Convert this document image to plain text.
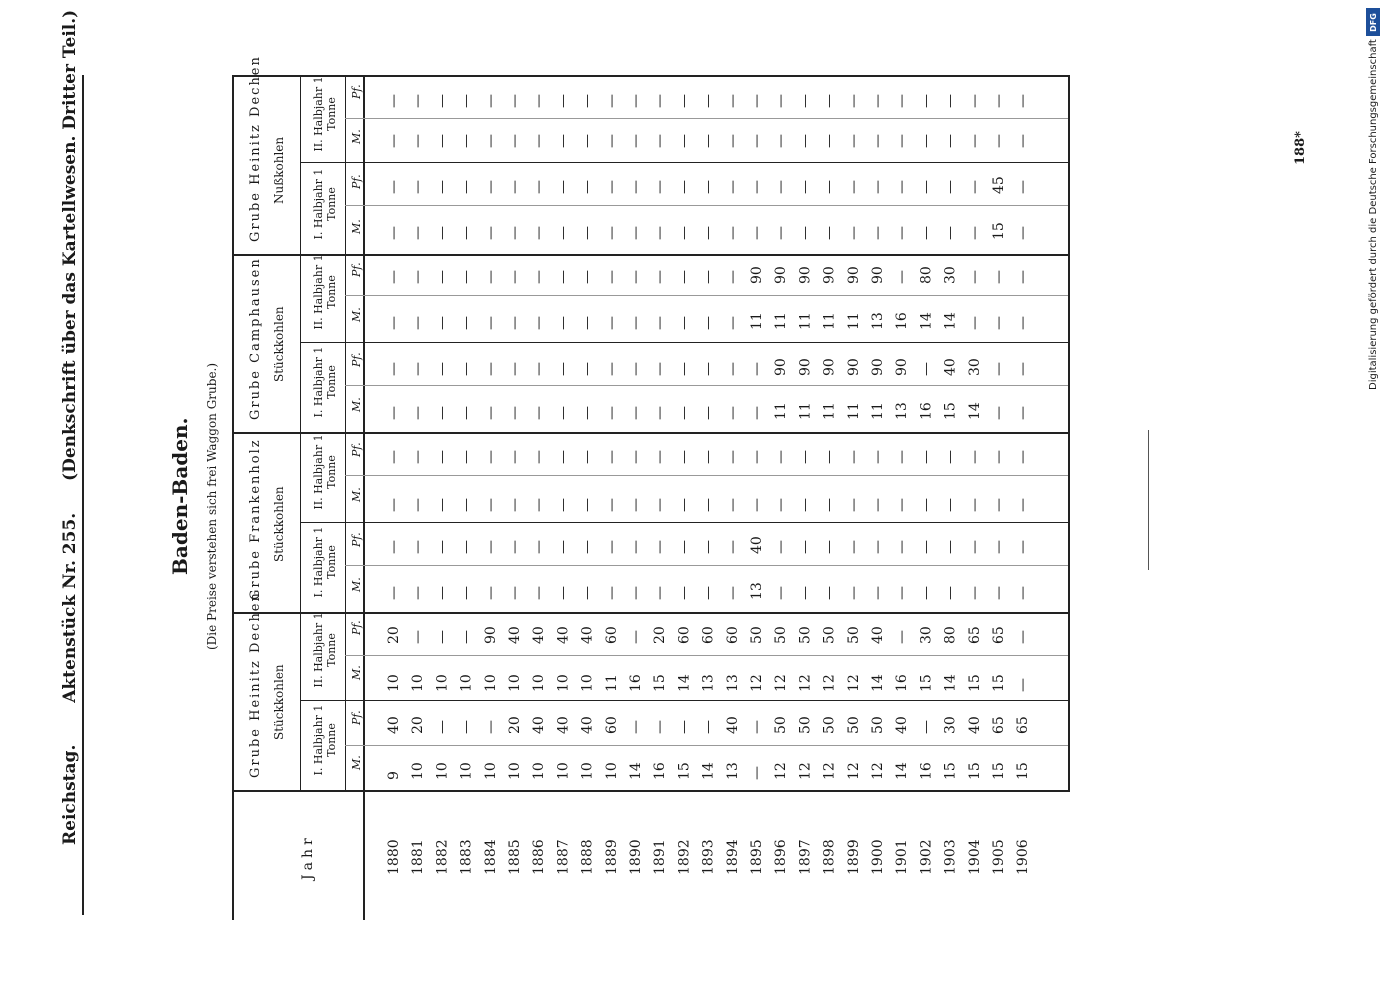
Reichstag.  Aktenstück Nr. 255.  (Denkschrift über das Kartellwesen. Dritter Teil.)
Baden-Baden. (Die Preise verstehen sich frei Waggon Grube.)
Jahr
Grube Heinitz Dechen Stückkohlen
I. Halbjahr 1 Tonne
M.
Pf.
II. Halbjahr 1 Tonne
M.
Pf.
Grube Frankenholz Stückkohlen
I. Halbjahr 1 Tonne
M.
Pf.
II. Halbjahr 1 Tonne
M.
Pf.
Grube Camphausen Stückkohlen
I. Halbjahr 1 Tonne
M.
Pf.
II. Halbjahr 1 Tonne
M.
Pf.
Grube Heinitz Dechen Nußkohlen I. Halbjahr 1 Tonne
M.
Pf.
II. Halbjahr 1 Tonne
M.
Pf.
1880
9
40
10
20
—
—
—
—
—
—
—
—
—
—
—
—
1881
10
20
10
—
—
—
—
—
—
—
—
—
—
—
—
—
1882
10
—
10
—
—
—
—
—
—
—
—
—
—
—
—
—
1883
10
—
10
—
—
—
—
—
—
—
—
—
—
—
—
—
1884
10
—
10
90
—
—
—
—
—
—
—
—
—
—
—
—
1885
10
20
10
40
—
—
—
—
—
—
—
—
—
—
—
—
1886
10
40
10
40
—
—
—
—
—
—
—
—
—
—
—
—
1887
10
40
10
40
—
—
—
—
—
—
—
—
—
—
—
—
1888
10
40
10
40
—
—
—
—
—
—
—
—
—
—
—
—
1889
10
60
11
60
—
—
—
—
—
—
—
—
—
—
—
—
1890
14
—
16
—
—
—
—
—
—
—
—
—
—
—
—
—
1891
16
—
15
20
—
—
—
—
—
—
—
—
—
—
—
—
1892
15
—
14
60
—
—
—
—
—
—
—
—
—
—
—
—
1893
14
—
13
60
—
—
—
—
—
—
—
—
—
—
—
—
1894
13
40
13
60
—
—
—
—
—
—
—
—
—
—
—
—
1895
—
—
12
50
13
40
—
—
—
—
11
90
—
—
—
—
1896
12
50
12
50
—
—
—
—
11
90
11
90
—
—
—
—
1897
12
50
12
50
—
—
—
—
11
90
11
90
—
—
—
—
1898
12
50
12
50
—
—
—
—
11
90
11
90
—
—
—
—
1899
12
50
12
50
—
—
—
—
11
90
11
90
—
—
—
—
1900
12
50
14
40
—
—
—
—
11
90
13
90
—
—
—
—
1901
14
40
16
—
—
—
—
—
13
90
16
—
—
—
—
—
1902
16
—
15
30
—
—
—
—
16
—
14
80
—
—
—
—
1903
15
30
14
80
—
—
—
—
15
40
14
30
—
—
—
—
1904
15
40
15
65
—
—
—
—
14
30
—
—
—
—
—
—
1905
15
65
15
65
—
—
—
—
—
—
—
—
15
45
—
—
1906
15
65
—
—
—
—
—
—
—
—
—
—
—
—
—
—
188*	Digitalisierung gefördert durch die Deutsche Forschungsgemeinschaft
DFG
